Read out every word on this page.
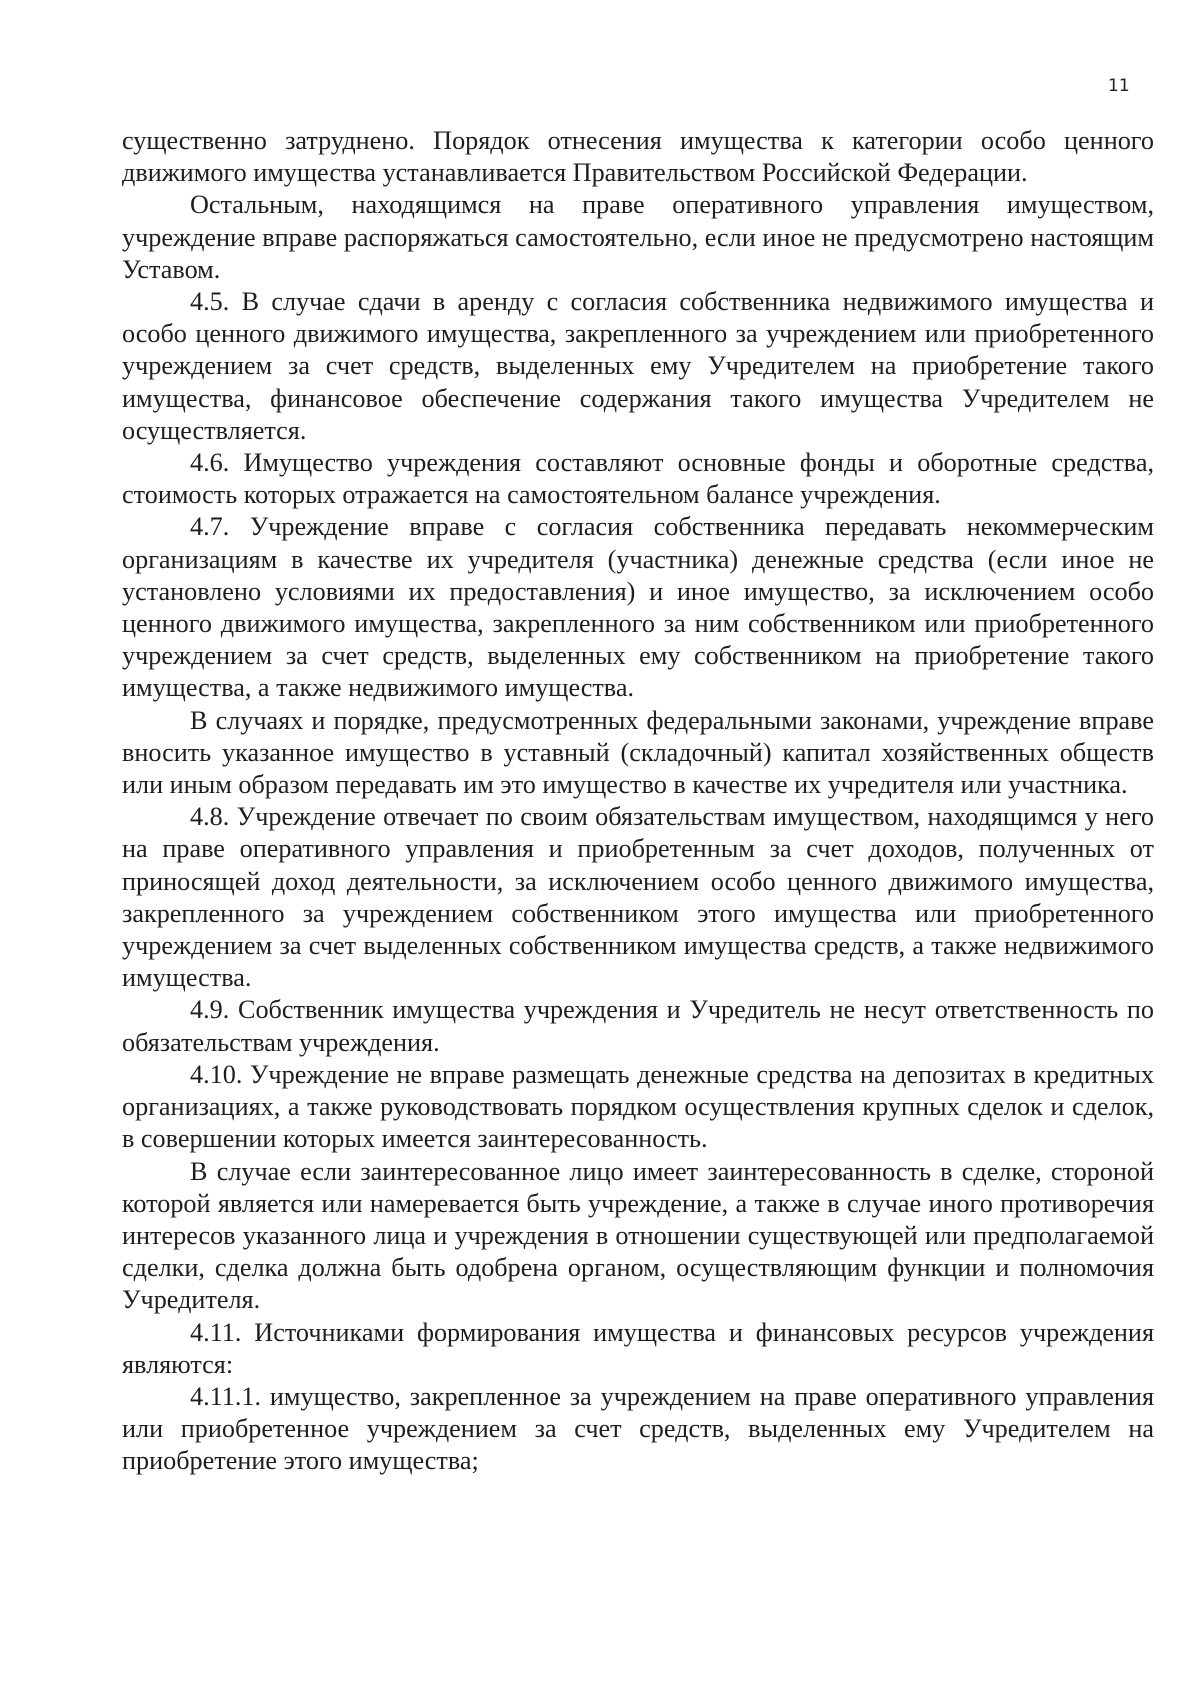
11

существенно затруднено. Порядок отнесения имущества к категории особо ценного движимого имущества устанавливается Правительством Российской Федерации.

Остальным, находящимся на праве оперативного управления имуществом, учреждение вправе распоряжаться самостоятельно, если иное не предусмотрено настоящим Уставом.

4.5. В случае сдачи в аренду с согласия собственника недвижимого имущества и особо ценного движимого имущества, закрепленного за учреждением или приобретенного учреждением за счет средств, выделенных ему Учредителем на приобретение такого имущества, финансовое обеспечение содержания такого имущества Учредителем не осуществляется.

4.6. Имущество учреждения составляют основные фонды и оборотные средства, стоимость которых отражается на самостоятельном балансе учреждения.

4.7. Учреждение вправе с согласия собственника передавать некоммерческим организациям в качестве их учредителя (участника) денежные средства (если иное не установлено условиями их предоставления) и иное имущество, за исключением особо ценного движимого имущества, закрепленного за ним собственником или приобретенного учреждением за счет средств, выделенных ему собственником на приобретение такого имущества, а также недвижимого имущества.

В случаях и порядке, предусмотренных федеральными законами, учреждение вправе вносить указанное имущество в уставный (складочный) капитал хозяйственных обществ или иным образом передавать им это имущество в качестве их учредителя или участника.

4.8. Учреждение отвечает по своим обязательствам имуществом, находящимся у него на праве оперативного управления и приобретенным за счет доходов, полученных от приносящей доход деятельности, за исключением особо ценного движимого имущества, закрепленного за учреждением собственником этого имущества или приобретенного учреждением за счет выделенных собственником имущества средств, а также недвижимого имущества.

4.9. Собственник имущества учреждения и Учредитель не несут ответственность по обязательствам учреждения.

4.10. Учреждение не вправе размещать денежные средства на депозитах в кредитных организациях, а также руководствовать порядком осуществления крупных сделок и сделок, в совершении которых имеется заинтересованность.

В случае если заинтересованное лицо имеет заинтересованность в сделке, стороной которой является или намеревается быть учреждение, а также в случае иного противоречия интересов указанного лица и учреждения в отношении существующей или предполагаемой сделки, сделка должна быть одобрена органом, осуществляющим функции и полномочия Учредителя.

4.11. Источниками формирования имущества и финансовых ресурсов учреждения являются:

4.11.1. имущество, закрепленное за учреждением на праве оперативного управления или приобретенное учреждением за счет средств, выделенных ему Учредителем на приобретение этого имущества;
